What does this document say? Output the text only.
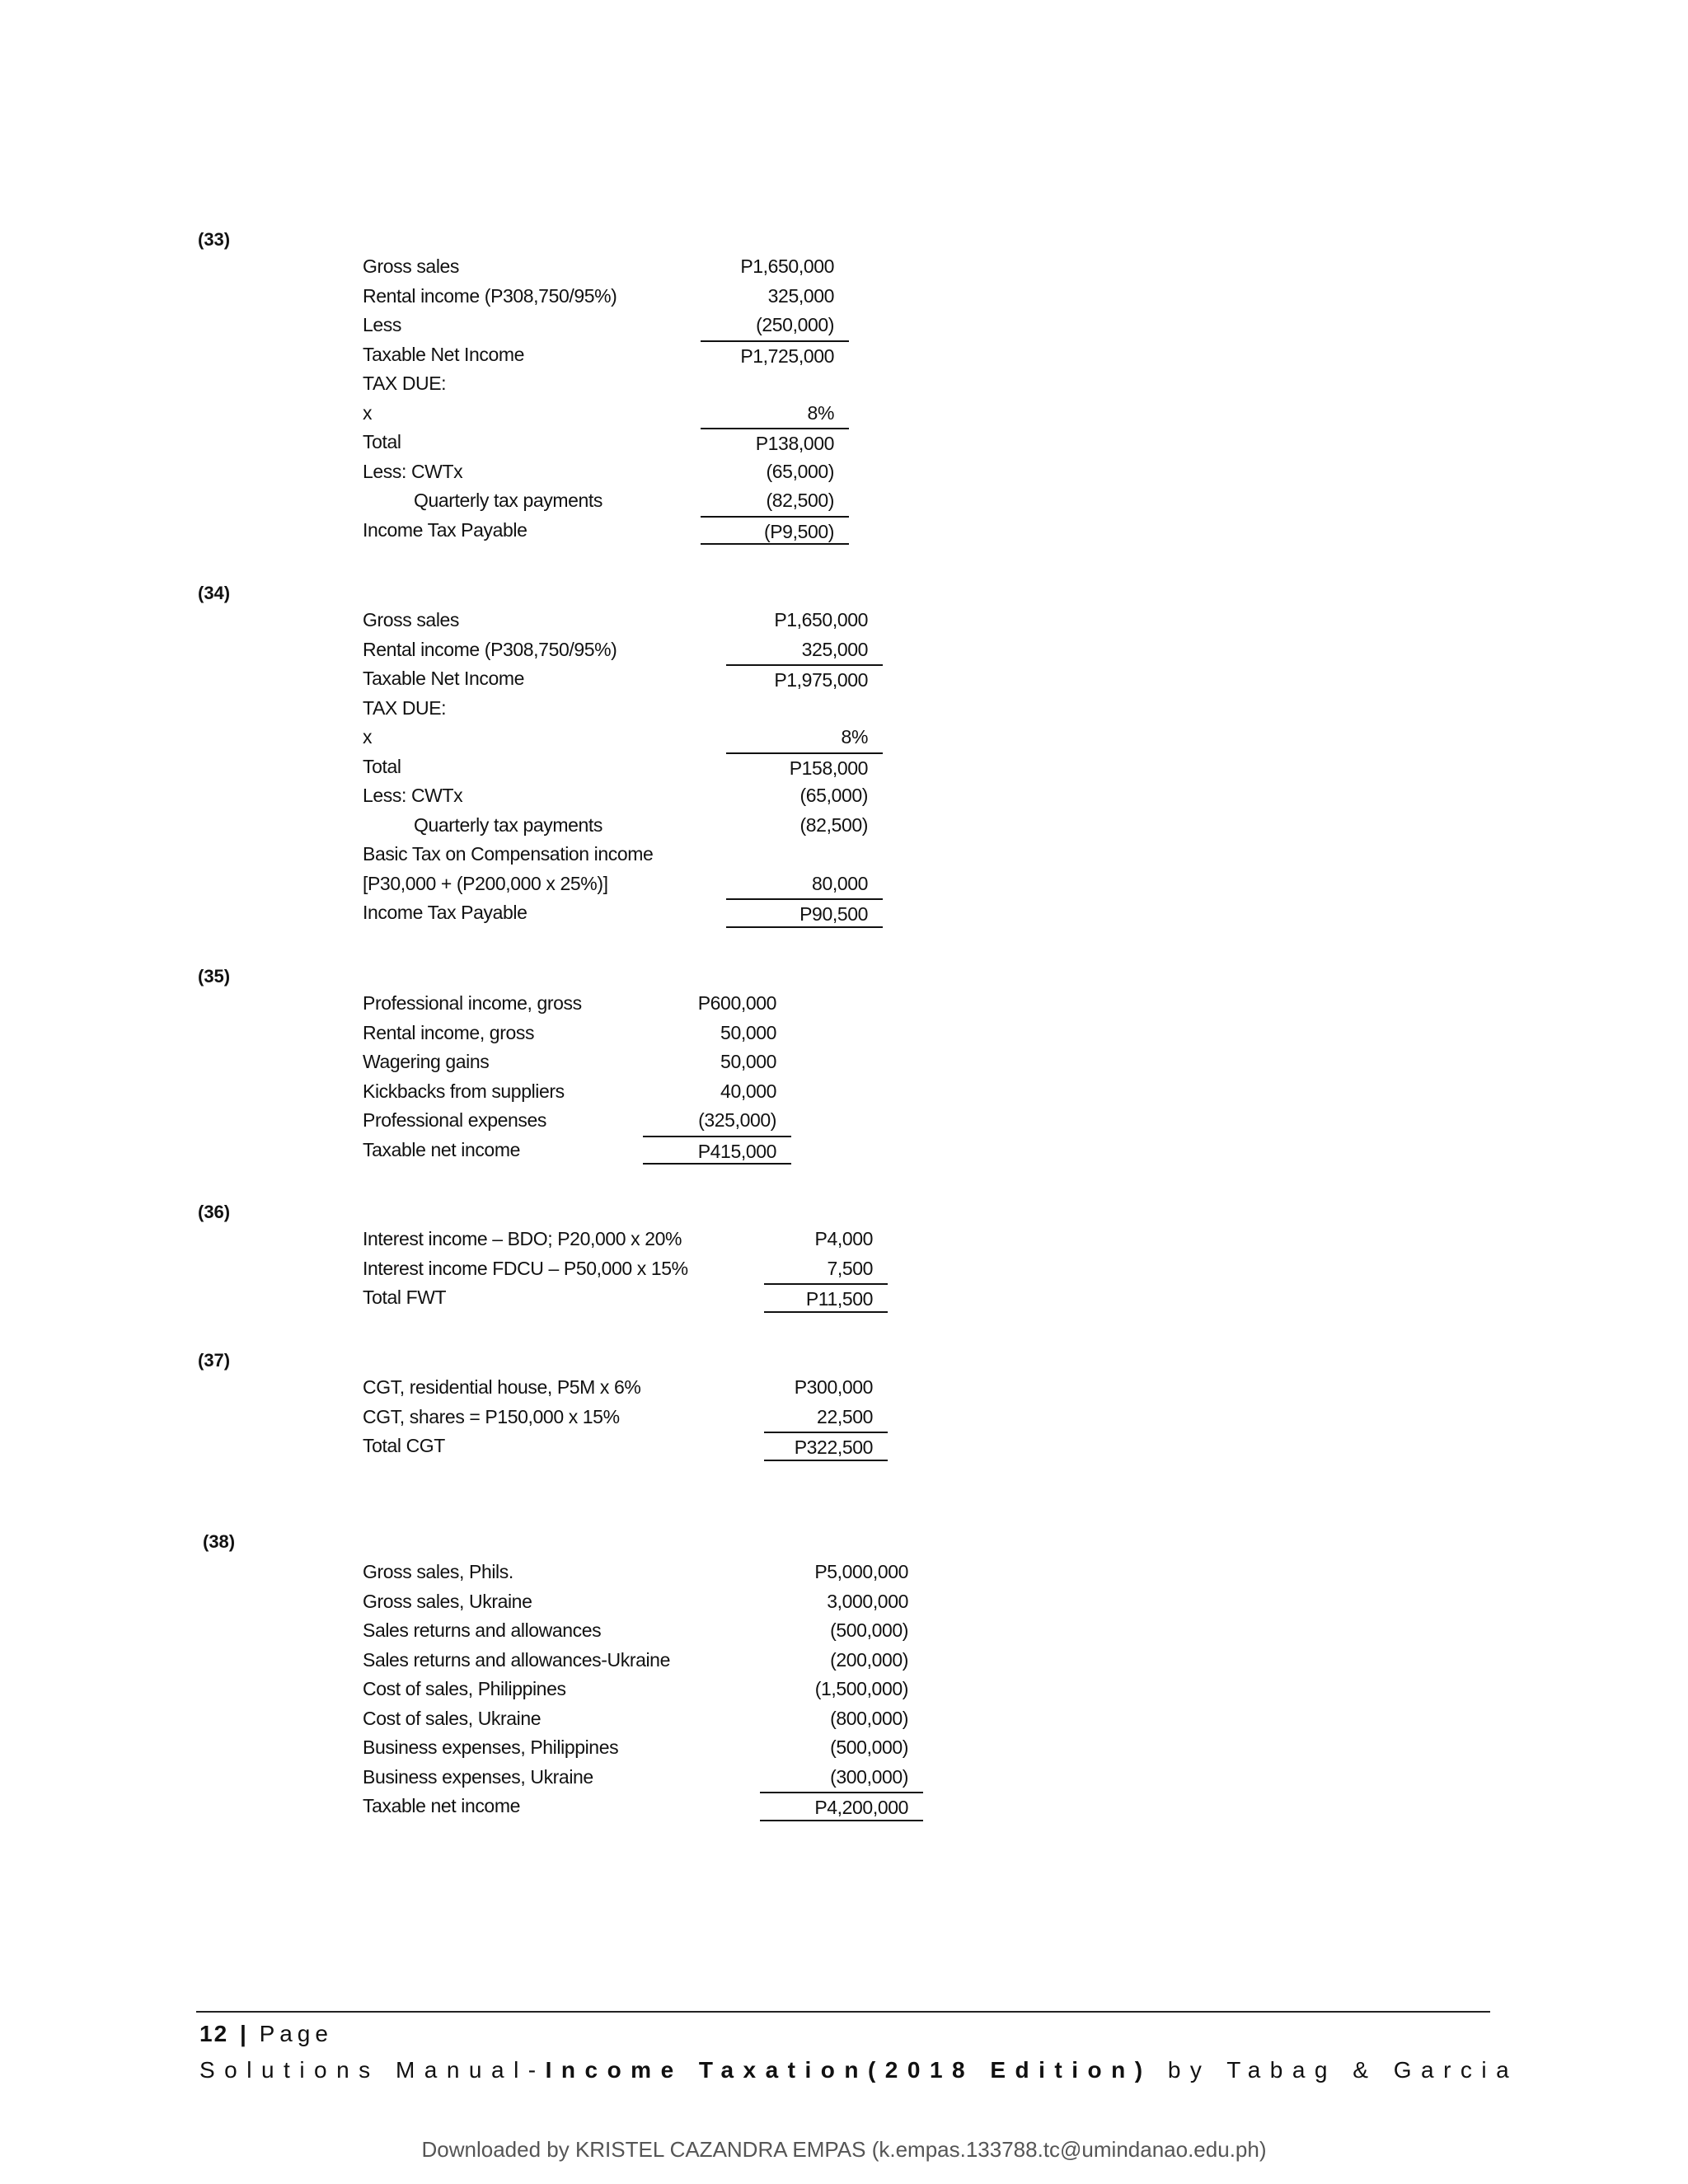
(33)
Gross sales	P1,650,000
Rental income (P308,750/95%)	325,000
Less	(250,000)
Taxable Net Income	P1,725,000
TAX DUE:
x	8%
Total	P138,000
Less: CWTx	(65,000)
Quarterly tax payments	(82,500)
Income Tax Payable	(P9,500)
(34)
Gross sales	P1,650,000
Rental income (P308,750/95%)	325,000
Taxable Net Income	P1,975,000
TAX DUE:
x	8%
Total	P158,000
Less: CWTx	(65,000)
Quarterly tax payments	(82,500)
Basic Tax on Compensation income
[P30,000 + (P200,000 x 25%)]	80,000
Income Tax Payable	P90,500
(35)
Professional income, gross	P600,000
Rental income, gross	50,000
Wagering gains	50,000
Kickbacks from suppliers	40,000
Professional expenses	(325,000)
Taxable net income	P415,000
(36)
Interest income – BDO; P20,000 x 20%	P4,000
Interest income FDCU – P50,000 x 15%	7,500
Total FWT	P11,500
(37)
CGT, residential house, P5M x 6%	P300,000
CGT, shares = P150,000 x 15%	22,500
Total CGT	P322,500
(38)
Gross sales, Phils.	P5,000,000
Gross sales, Ukraine	3,000,000
Sales returns and allowances	(500,000)
Sales returns and allowances-Ukraine	(200,000)
Cost of sales, Philippines	(1,500,000)
Cost of sales, Ukraine	(800,000)
Business expenses, Philippines	(500,000)
Business expenses, Ukraine	(300,000)
Taxable net income	P4,200,000
12 | Page
Solutions Manual-Income Taxation(2018 Edition) by Tabag & Garcia
Downloaded by KRISTEL CAZANDRA EMPAS (k.empas.133788.tc@umindanao.edu.ph)
